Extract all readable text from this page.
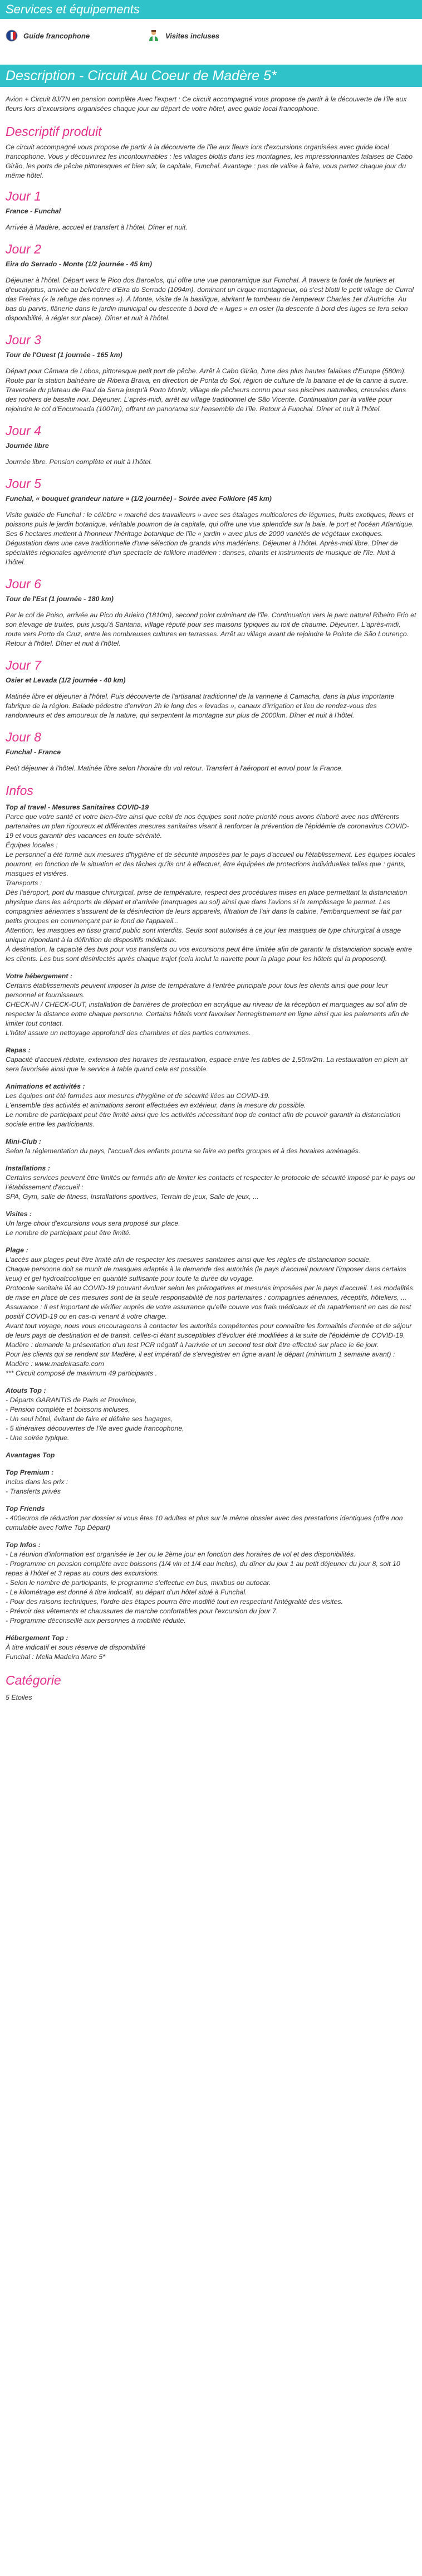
Services et équipements
Guide francophone	Visites incluses
Description - Circuit Au Coeur de Madère 5*

Avion + Circuit 8J/7N en pension complète Avec l'expert : Ce circuit accompagné vous propose de partir à la découverte de l'île aux fleurs lors d'excursions organisées chaque jour au départ de votre hôtel, avec guide local francophone.

Descriptif produit

Ce circuit accompagné vous propose de partir à la découverte de l'île aux fleurs lors d'excursions organisées avec guide local francophone. Vous y découvrirez les incontournables : les villages blottis dans les montagnes, les impressionnantes falaises de Cabo Girão, les ports de pêche pittoresques et bien sûr, la capitale, Funchal. Avantage : pas de valise à faire, vous partez chaque jour du même hôtel.

Jour 1
France - Funchal

Arrivée à Madère, accueil et transfert à l'hôtel. Dîner et nuit.

Jour 2
Eira do Serrado - Monte (1/2 journée - 45 km)

Déjeuner à l'hôtel. Départ vers le Pico dos Barcelos, qui offre une vue panoramique sur Funchal. À travers la forêt de lauriers et d'eucalyptus, arrivée au belvédère d'Eira do Serrado (1094m), dominant un cirque montagneux, où s'est blotti le petit village de Curral das Freiras (« le refuge des nonnes »). À Monte, visite de la basilique, abritant le tombeau de l'empereur Charles 1er d'Autriche. Au bas du parvis, flânerie dans le jardin municipal ou descente à bord de « luges » en osier (la descente à bord des luges se fera selon disponibilité, à régler sur place). Dîner et nuit à l'hôtel.

Jour 3
Tour de l'Ouest (1 journée - 165 km)

Départ pour Câmara de Lobos, pittoresque petit port de pêche. Arrêt à Cabo Girão, l'une des plus hautes falaises d'Europe (580m). Route par la station balnéaire de Ribeira Brava, en direction de Ponta do Sol, région de culture de la banane et de la canne à sucre. Traversée du plateau de Paul da Serra jusqu'à Porto Moniz, village de pêcheurs connu pour ses piscines naturelles, creusées dans des rochers de basalte noir. Déjeuner. L'après-midi, arrêt au village traditionnel de São Vicente. Continuation par la vallée pour rejoindre le col d'Encumeada (1007m), offrant un panorama sur l'ensemble de l'île. Retour à Funchal. Dîner et nuit à l'hôtel.

Jour 4
Journée libre

Journée libre. Pension complète et nuit à l'hôtel.

Jour 5
Funchal, « bouquet grandeur nature » (1/2 journée) - Soirée avec Folklore (45 km)

Visite guidée de Funchal : le célèbre « marché des travailleurs » avec ses étalages multicolores de légumes, fruits exotiques, fleurs et poissons puis le jardin botanique, véritable poumon de la capitale, qui offre une vue splendide sur la baie, le port et l'océan Atlantique. Ses 6 hectares mettent à l'honneur l'héritage botanique de l'île « jardin » avec plus de 2000 variétés de végétaux exotiques. Dégustation dans une cave traditionnelle d'une sélection de grands vins madériens. Déjeuner à l'hôtel. Après-midi libre. Dîner de spécialités régionales agrémenté d'un spectacle de folklore madérien : danses, chants et instruments de musique de l'île. Nuit à l'hôtel.

Jour 6
Tour de l'Est (1 journée - 180 km)

Par le col de Poiso, arrivée au Pico do Arieiro (1810m), second point culminant de l'île. Continuation vers le parc naturel Ribeiro Frio et son élevage de truites, puis jusqu'à Santana, village réputé pour ses maisons typiques au toit de chaume. Déjeuner. L'après-midi, route vers Porto da Cruz, entre les nombreuses cultures en terrasses. Arrêt au village avant de rejoindre la Pointe de São Lourenço. Retour à l'hôtel. Dîner et nuit à l'hôtel.

Jour 7
Osier et Levada (1/2 journée - 40 km)

Matinée libre et déjeuner à l'hôtel. Puis découverte de l'artisanat traditionnel de la vannerie à Camacha, dans la plus importante fabrique de la région. Balade pédestre d'environ 2h le long des « levadas », canaux d'irrigation et lieu de rendez-vous des randonneurs et des amoureux de la nature, qui serpentent la montagne sur plus de 2000km. Dîner et nuit à l'hôtel.

Jour 8
Funchal - France

Petit déjeuner à l'hôtel. Matinée libre selon l'horaire du vol retour. Transfert à l'aéroport et envol pour la France.

Infos
Top al travel - Mesures Sanitaires COVID-19
Parce que votre santé et votre bien-être ainsi que celui de nos équipes sont notre priorité nous avons élaboré avec nos différents partenaires un plan rigoureux et différentes mesures sanitaires visant à renforcer la prévention de l'épidémie de coronavirus COVID-19 et vous garantir des vacances en toute sérénité.
Équipes locales :
Le personnel a été formé aux mesures d'hygiène et de sécurité imposées par le pays d'accueil ou l'établissement. Les équipes locales pourront, en fonction de la situation et des tâches qu'ils ont à effectuer, être équipées de protections individuelles telles que : gants, masques et visières.
Transports :
Dès l'aéroport, port du masque chirurgical, prise de température, respect des procédures mises en place permettant la distanciation physique dans les aéroports de départ et d'arrivée (marquages au sol) ainsi que dans l'avions si le remplissage le permet. Les compagnies aériennes s'assurent de la désinfection de leurs appareils, filtration de l'air dans la cabine, l'embarquement se fait par petits groupes en commençant par le fond de l'appareil...
Attention, les masques en tissu grand public sont interdits. Seuls sont autorisés à ce jour les masques de type chirurgical à usage unique répondant à la définition de dispositifs médicaux.
À destination, la capacité des bus pour vos transferts ou vos excursions peut être limitée afin de garantir la distanciation sociale entre les clients. Les bus sont désinfectés après chaque trajet (cela inclut la navette pour la plage pour les hôtels qui la proposent).
Votre hébergement :
Certains établissements peuvent imposer la prise de température à l'entrée principale pour tous les clients ainsi que pour leur personnel et fournisseurs.
CHECK-IN / CHECK-OUT, installation de barrières de protection en acrylique au niveau de la réception et marquages au sol afin de respecter la distance entre chaque personne. Certains hôtels vont favoriser l'enregistrement en ligne ainsi que les paiements afin de limiter tout contact.
L'hôtel assure un nettoyage approfondi des chambres et des parties communes.
Repas :
Capacité d'accueil réduite, extension des horaires de restauration, espace entre les tables de 1,50m/2m. La restauration en plein air sera favorisée ainsi que le service à table quand cela est possible.
Animations et activités :
Les équipes ont été formées aux mesures d'hygiène et de sécurité liées au COVID-19.
L'ensemble des activités et animations seront effectuées en extérieur, dans la mesure du possible.
Le nombre de participant peut être limité ainsi que les activités nécessitant trop de contact afin de pouvoir garantir la distanciation sociale entre les participants.
Mini-Club :
Selon la réglementation du pays, l'accueil des enfants pourra se faire en petits groupes et à des horaires aménagés.
Installations :
Certains services peuvent être limités ou fermés afin de limiter les contacts et respecter le protocole de sécurité imposé par le pays ou l'établissement d'accueil :
SPA, Gym, salle de fitness, Installations sportives, Terrain de jeux, Salle de jeux, ...
Visites :
Un large choix d'excursions vous sera proposé sur place.
Le nombre de participant peut être limité.
Plage :
L'accès aux plages peut être limité afin de respecter les mesures sanitaires ainsi que les règles de distanciation sociale.
Chaque personne doit se munir de masques adaptés à la demande des autorités (le pays d'accueil pouvant l'imposer dans certains lieux) et gel hydroalcoolique en quantité suffisante pour toute la durée du voyage.
Protocole sanitaire lié au COVID-19 pouvant évoluer selon les prérogatives et mesures imposées par le pays d'accueil. Les modalités de mise en place de ces mesures sont de la seule responsabilité de nos partenaires : compagnies aériennes, réceptifs, hôteliers, ...
Assurance : Il est important de vérifier auprès de votre assurance qu'elle couvre vos frais médicaux et de rapatriement en cas de test positif COVID-19 ou en cas-ci venant à votre charge.
Avant tout voyage, nous vous encourageons à contacter les autorités compétentes pour connaître les formalités d'entrée et de séjour de leurs pays de destination et de transit, celles-ci étant susceptibles d'évoluer été modifiées à la suite de l'épidémie de COVID-19.
Madère : demande la présentation d'un test PCR négatif à l'arrivée et un second test doit être effectué sur place le 6e jour.
Pour les clients qui se rendent sur Madère, il est impératif de s'enregistrer en ligne avant le départ (minimum 1 semaine avant) :
Madère : www.madeirasafe.com
*** Circuit composé de maximum 49 participants .
Atouts Top :
- Départs GARANTIS de Paris et Province,
- Pension complète et boissons incluses,
- Un seul hôtel, évitant de faire et défaire ses bagages,
- 5 itinéraires découvertes de l'île avec guide francophone,
- Une soirée typique.
Avantages Top
Top Premium :
Inclus dans les prix :
- Transferts privés
Top Friends
- 400euros de réduction par dossier si vous êtes 10 adultes et plus sur le même dossier avec des prestations identiques (offre non cumulable avec l'offre Top Départ)
Top Infos :
- La réunion d'information est organisée le 1er ou le 2ème jour en fonction des horaires de vol et des disponibilités.
- Programme en pension complète avec boissons (1/4 vin et 1/4 eau inclus), du dîner du jour 1 au petit déjeuner du jour 8, soit 10 repas à l'hôtel et 3 repas au cours des excursions.
- Selon le nombre de participants, le programme s'effectue en bus, minibus ou autocar.
- Le kilométrage est donné à titre indicatif, au départ d'un hôtel situé à Funchal.
- Pour des raisons techniques, l'ordre des étapes pourra être modifié tout en respectant l'intégralité des visites.
- Prévoir des vêtements et chaussures de marche confortables pour l'excursion du jour 7.
- Programme déconseillé aux personnes à mobilité réduite.
Hébergement Top :
À titre indicatif et sous réserve de disponibilité
Funchal : Melia Madeira Mare 5*
Catégorie
5 Etoiles
